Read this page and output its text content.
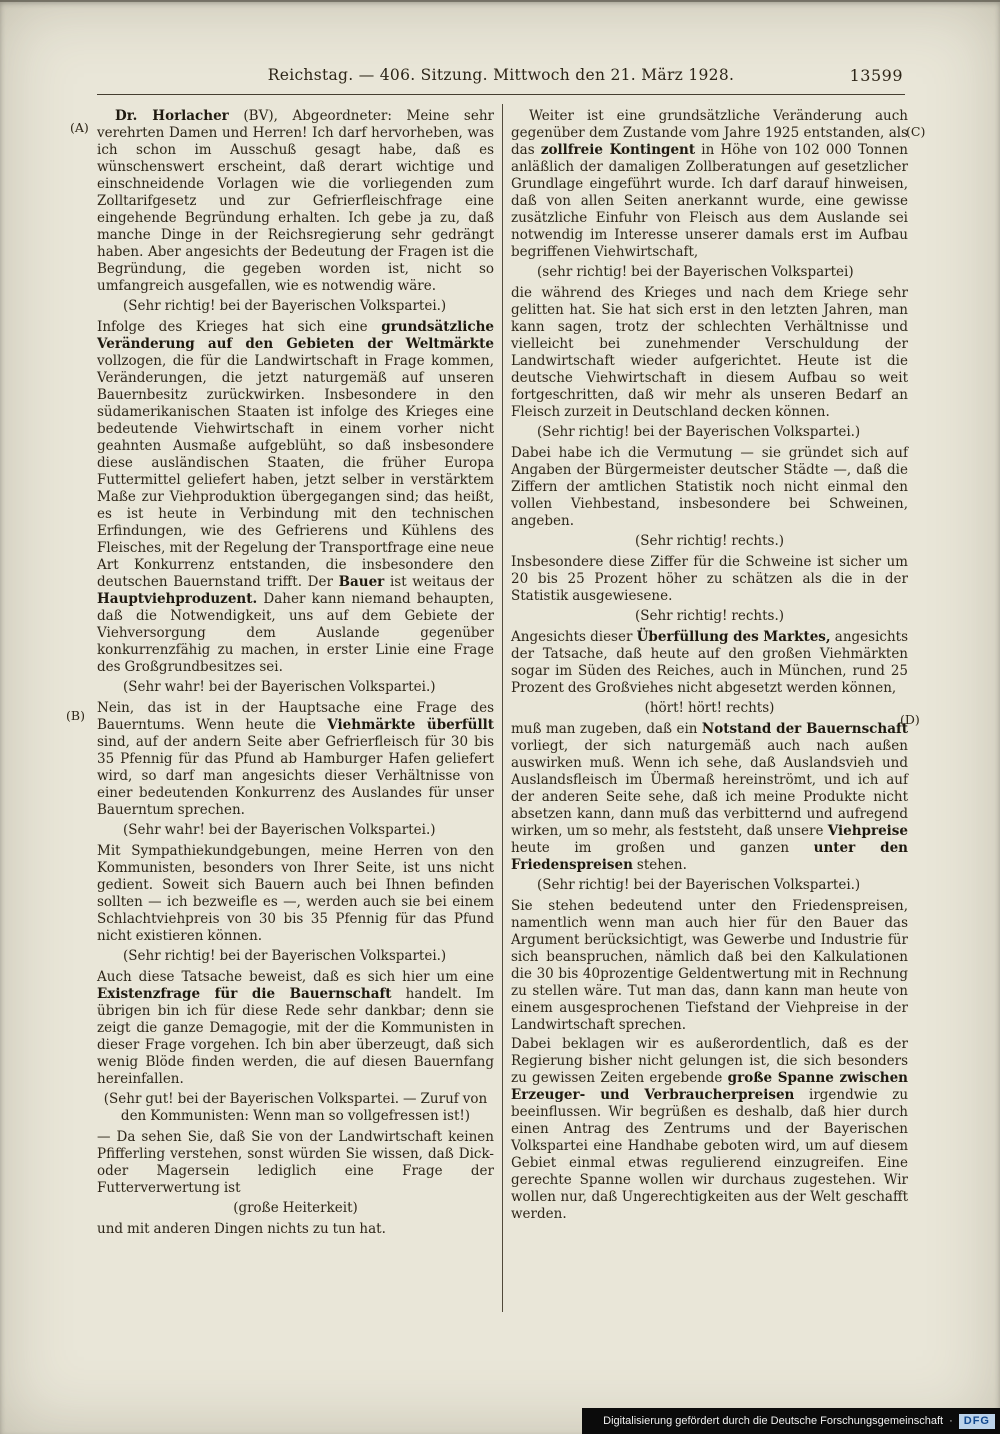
Reichstag. — 406. Sitzung. Mittwoch den 21. März 1928.	13599
(A)
(B)
(C)
(D)

Dr. Horlacher (BV), Abgeordneter: Meine sehr verehrten Damen und Herren! Ich darf hervorheben, was ich schon im Ausschuß gesagt habe, daß es wünschenswert erscheint, daß derart wichtige und einschneidende Vorlagen wie die vorliegenden zum Zolltarifgesetz und zur Gefrierfleischfrage eine eingehende Begründung erhalten. Ich gebe ja zu, daß manche Dinge in der Reichsregierung sehr gedrängt haben. Aber angesichts der Bedeutung der Fragen ist die Begründung, die gegeben worden ist, nicht so umfangreich ausgefallen, wie es notwendig wäre.

(Sehr richtig! bei der Bayerischen Volkspartei.)

Infolge des Krieges hat sich eine grundsätzliche Veränderung auf den Gebieten der Weltmärkte vollzogen, die für die Landwirtschaft in Frage kommen, Veränderungen, die jetzt naturgemäß auf unseren Bauernbesitz zurückwirken. Insbesondere in den südamerikanischen Staaten ist infolge des Krieges eine bedeutende Viehwirtschaft in einem vorher nicht geahnten Ausmaße aufgeblüht, so daß insbesondere diese ausländischen Staaten, die früher Europa Futtermittel geliefert haben, jetzt selber in verstärktem Maße zur Viehproduktion übergegangen sind; das heißt, es ist heute in Verbindung mit den technischen Erfindungen, wie des Gefrierens und Kühlens des Fleisches, mit der Regelung der Transportfrage eine neue Art Konkurrenz entstanden, die insbesondere den deutschen Bauernstand trifft. Der Bauer ist weitaus der Hauptviehproduzent. Daher kann niemand behaupten, daß die Notwendigkeit, uns auf dem Gebiete der Viehversorgung dem Auslande gegenüber konkurrenzfähig zu machen, in erster Linie eine Frage des Großgrundbesitzes sei.

(Sehr wahr! bei der Bayerischen Volkspartei.)

Nein, das ist in der Hauptsache eine Frage des Bauerntums. Wenn heute die Viehmärkte überfüllt sind, auf der andern Seite aber Gefrierfleisch für 30 bis 35 Pfennig für das Pfund ab Hamburger Hafen geliefert wird, so darf man angesichts dieser Verhältnisse von einer bedeutenden Konkurrenz des Auslandes für unser Bauerntum sprechen.

(Sehr wahr! bei der Bayerischen Volkspartei.)

Mit Sympathiekundgebungen, meine Herren von den Kommunisten, besonders von Ihrer Seite, ist uns nicht gedient. Soweit sich Bauern auch bei Ihnen befinden sollten — ich bezweifle es —, werden auch sie bei einem Schlachtviehpreis von 30 bis 35 Pfennig für das Pfund nicht existieren können.

(Sehr richtig! bei der Bayerischen Volkspartei.)

Auch diese Tatsache beweist, daß es sich hier um eine Existenzfrage für die Bauernschaft handelt. Im übrigen bin ich für diese Rede sehr dankbar; denn sie zeigt die ganze Demagogie, mit der die Kommunisten in dieser Frage vorgehen. Ich bin aber überzeugt, daß sich wenig Blöde finden werden, die auf diesen Bauernfang hereinfallen.

(Sehr gut! bei der Bayerischen Volkspartei. — Zuruf von den Kommunisten: Wenn man so vollgefressen ist!)

— Da sehen Sie, daß Sie von der Landwirtschaft keinen Pfifferling verstehen, sonst würden Sie wissen, daß Dick- oder Magersein lediglich eine Frage der Futterverwertung ist

(große Heiterkeit)

und mit anderen Dingen nichts zu tun hat.

Weiter ist eine grundsätzliche Veränderung auch gegenüber dem Zustande vom Jahre 1925 entstanden, als das zollfreie Kontingent in Höhe von 102 000 Tonnen anläßlich der damaligen Zollberatungen auf gesetzlicher Grundlage eingeführt wurde. Ich darf darauf hinweisen, daß von allen Seiten anerkannt wurde, eine gewisse zusätzliche Einfuhr von Fleisch aus dem Auslande sei notwendig im Interesse unserer damals erst im Aufbau begriffenen Viehwirtschaft,

(sehr richtig! bei der Bayerischen Volkspartei)

die während des Krieges und nach dem Kriege sehr gelitten hat. Sie hat sich erst in den letzten Jahren, man kann sagen, trotz der schlechten Verhältnisse und vielleicht bei zunehmender Verschuldung der Landwirtschaft wieder aufgerichtet. Heute ist die deutsche Viehwirtschaft in diesem Aufbau so weit fortgeschritten, daß wir mehr als unseren Bedarf an Fleisch zurzeit in Deutschland decken können.

(Sehr richtig! bei der Bayerischen Volkspartei.)

Dabei habe ich die Vermutung — sie gründet sich auf Angaben der Bürgermeister deutscher Städte —, daß die Ziffern der amtlichen Statistik noch nicht einmal den vollen Viehbestand, insbesondere bei Schweinen, angeben.

(Sehr richtig! rechts.)

Insbesondere diese Ziffer für die Schweine ist sicher um 20 bis 25 Prozent höher zu schätzen als die in der Statistik ausgewiesene.

(Sehr richtig! rechts.)

Angesichts dieser Überfüllung des Marktes, angesichts der Tatsache, daß heute auf den großen Viehmärkten sogar im Süden des Reiches, auch in München, rund 25 Prozent des Großviehes nicht abgesetzt werden können,

(hört! hört! rechts)

muß man zugeben, daß ein Notstand der Bauernschaft vorliegt, der sich naturgemäß auch nach außen auswirken muß. Wenn ich sehe, daß Auslandsvieh und Auslandsfleisch im Übermaß hereinströmt, und ich auf der anderen Seite sehe, daß ich meine Produkte nicht absetzen kann, dann muß das verbitternd und aufregend wirken, um so mehr, als feststeht, daß unsere Viehpreise heute im großen und ganzen unter den Friedenspreisen stehen.

(Sehr richtig! bei der Bayerischen Volkspartei.)

Sie stehen bedeutend unter den Friedenspreisen, namentlich wenn man auch hier für den Bauer das Argument berücksichtigt, was Gewerbe und Industrie für sich beanspruchen, nämlich daß bei den Kalkulationen die 30 bis 40prozentige Geldentwertung mit in Rechnung zu stellen wäre. Tut man das, dann kann man heute von einem ausgesprochenen Tiefstand der Viehpreise in der Landwirtschaft sprechen.

Dabei beklagen wir es außerordentlich, daß es der Regierung bisher nicht gelungen ist, die sich besonders zu gewissen Zeiten ergebende große Spanne zwischen Erzeuger- und Verbraucherpreisen irgendwie zu beeinflussen. Wir begrüßen es deshalb, daß hier durch einen Antrag des Zentrums und der Bayerischen Volkspartei eine Handhabe geboten wird, um auf diesem Gebiet einmal etwas regulierend einzugreifen. Eine gerechte Spanne wollen wir durchaus zugestehen. Wir wollen nur, daß Ungerechtigkeiten aus der Welt geschafft werden.

Digitalisierung gefördert durch die Deutsche Forschungsgemeinschaft ·	DFG
